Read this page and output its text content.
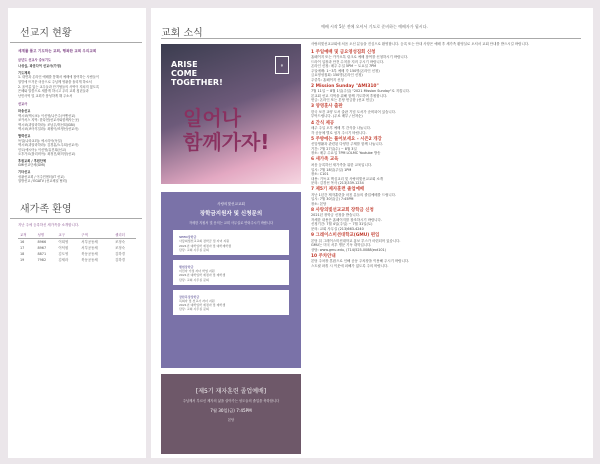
선교지 현황
세계를 품고 기도하는 교회, 행복한 교회 우리교회
금년도 선교사 중보기도
나성실, 곽문다여 선교사(가정)
기도제목
1. 대면과 온라인 예배를 통해서 예배에 참여하는 사람들이
열망에 뜨거운 마음으로 주님께 영광을 돌리게 하소서
2. 올여름 있는 교우들과 단기팀들의 사역이 지치지 않도록
은혜와 말씀으로 새롭게 하시고 우리 교회 청년들과
난민사역 및 교회가 풍성하게 해 주소서
선교사
파송선교
엑시코(멕시코): 이신영/나은주(아멘선교)
코카서스 지역: 한다현(선교사와함께사는곳)
엑시코(과달라하라): 조남우/허선희(GBI)
엑시코(코아후일라): 최원아/조영선(선교사)
협력선교
독일(나라교회): 에시리아(독일)
엑시코(과달라하라): 김경훈/노우희(선교사)
인도(예시아): 이신영/유진희(선교)
오후가르(볼리비아): 최정진/최미정(선교)
후원교회 / 후원단체
GMI선교단체(GMI)
기타선교
성광선교회 / 이주민센터(IT 선교)
열방선교 / EGATV (선교채널 협력)
새가족 환영
지난 주에 등록하신 새가족을 소개합니다.
교적	성명	교구	구역	셀리더
16	8966	이희영	서부공동체	조정숙
17	8967	이덕원	서부공동체	조정숙
18	8871	김도영	북동공동체	김하경
19	7982	김세라	북동공동체	김하경
교회 소식
예배 시작 5분 전에 오셔서 기도로 준비하는 예배자가 됩시다.
ARISE
COME
TOGETHER!
✝
일어나
함께가자!
사랑의빛선교교회
장학금지원자 및 신청문의
자세한 지원서 및 문의는 교회 사무실로 연락주시기 바랍니다
SEED장학금
사랑의빛선교교회 장학금 및 자녀 지원
2021년 대학입학 예정자 및 대학재학생
담당: 교회 사무실 문의
행썸장학금
이민자 가정 자녀 학업 지원
2021년 대학입학 예정자 및 재학생
담당: 교회 사무실 문의
장한목장장학금
목회자 및 선교사 자녀 지원
2021년 대학입학 예정자 및 재학생
담당: 교회 사무실 문의
[제5기 재자훈련 졸업예배]
주님께서 부르신 제자의 삶을 살아가는 성도들의 졸업을 축하합니다
7월 30일(금) 7:45PM
본당
사랑의빛선교교회에 처음 오신 분들을 진심으로 환영합니다. 등록 또는 안내 사항은 예배 후 새가족 환영실로 오셔서 교회 안내를 받으시길 바랍니다.
1 주일예배 및 금요영성집회 신청
홈페이지 또는 카카오톡 링크로 예배 참여를 신청하시기 바랍니다.
드라이 입장과 안전 수칙을 지켜 주시기 바랍니다.
온라인 신청: 매주 수일 5PM ~ 토요일 7PM
주일예배: 1~3부 예배 각 150명(온라인 신청)
금요영성집회: 150명(온라인 신청)
주중부: 홈페이지 신청
2 Mission Sunday "AMI310"
7월 11일 ~ 8월 1일(주일) "2021 Mission Sunday"로 지킵니다.
본교회 선교 지역을 위해 함께 기도하며 후원합니다.
헌금: 온라인 또는 본당 헌금함 (선교 헌금)
3 양영훈사 출판
한국 보건 교양 도서 출판 기념 도서가 준비되어 있습니다.
부탁드립니다. (무료 배부 / 선착순)
4 간식 제공
매주 주일 오후 예배 후 간식을 나눕니다.
각 공동체 별로 섬겨 주시기 바랍니다.
5 주방에는 풀어보세요 - 시즌2 개강
신앙생활과 관련된 다양한 주제를 함께 나눕니다.
기간: 7월 27일(수) ~ 8월 3일
장소: 매주 수요일 7PM LOLMC Youtube 방송
6 새가족 교육
처음 등록하신 새가족을 위한 교육입니다.
일시: 7월 18일(주일) 1PM
장소: C101
내용: 기독교 핵심교리 및 사랑의빛선교교회 소개
문의: 김경선 목사 (213)339-1234
7 제5기 제자훈련 졸업예배
지난 1년간 제자훈련을 마친 분들의 졸업예배를 드립니다.
일시: 7월 30일(금) 7:45PM
장소: 본당
8 사랑의빛선교교회 장학금 신청
2021년 장학금 신청을 받습니다.
자세한 내용은 홈페이지를 참조하시기 바랍니다.
신청기간: 7월 4일(주일) ~ 7월 31일(토)
문의: 교회 사무실 (213)663-4240
9 그레이스미션대학교(GMU) 편입
본당 뒤 그레이스미션대학교 홍보 부스가 마련되어 있습니다.
GMU는 미국 서부 명문 기독 대학입니다.
상담: www.gmu.edu, (714)525-0088(ext101)
10 주차안내
본당 주차장 혼잡으로 인해 공동 주차장을 이용해 주시기 바랍니다.
스트릿 파킹 시 이웃에 피해가 없도록 주의 바랍니다.
